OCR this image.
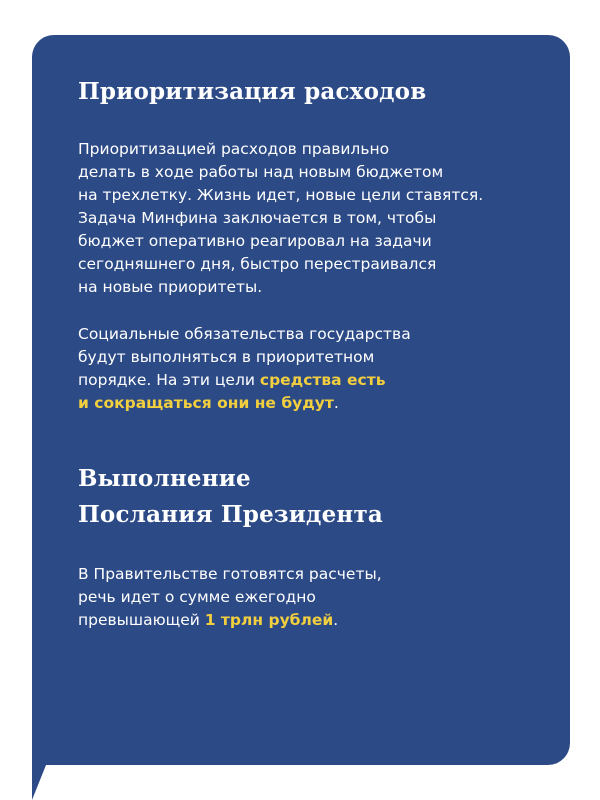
Приоритизация расходов

Приоритизацией расходов правильно
делать в ходе работы над новым бюджетом
на трехлетку. Жизнь идет, новые цели ставятся.
Задача Минфина заключается в том, чтобы
бюджет оперативно реагировал на задачи
сегодняшнего дня, быстро перестраивался
на новые приоритеты.

Социальные обязательства государства
будут выполняться в приоритетном
порядке. На эти цели средства есть
и сокращаться они не будут.

Выполнение
Послания Президента

В Правительстве готовятся расчеты,
речь идет о сумме ежегодно
превышающей 1 трлн рублей.
